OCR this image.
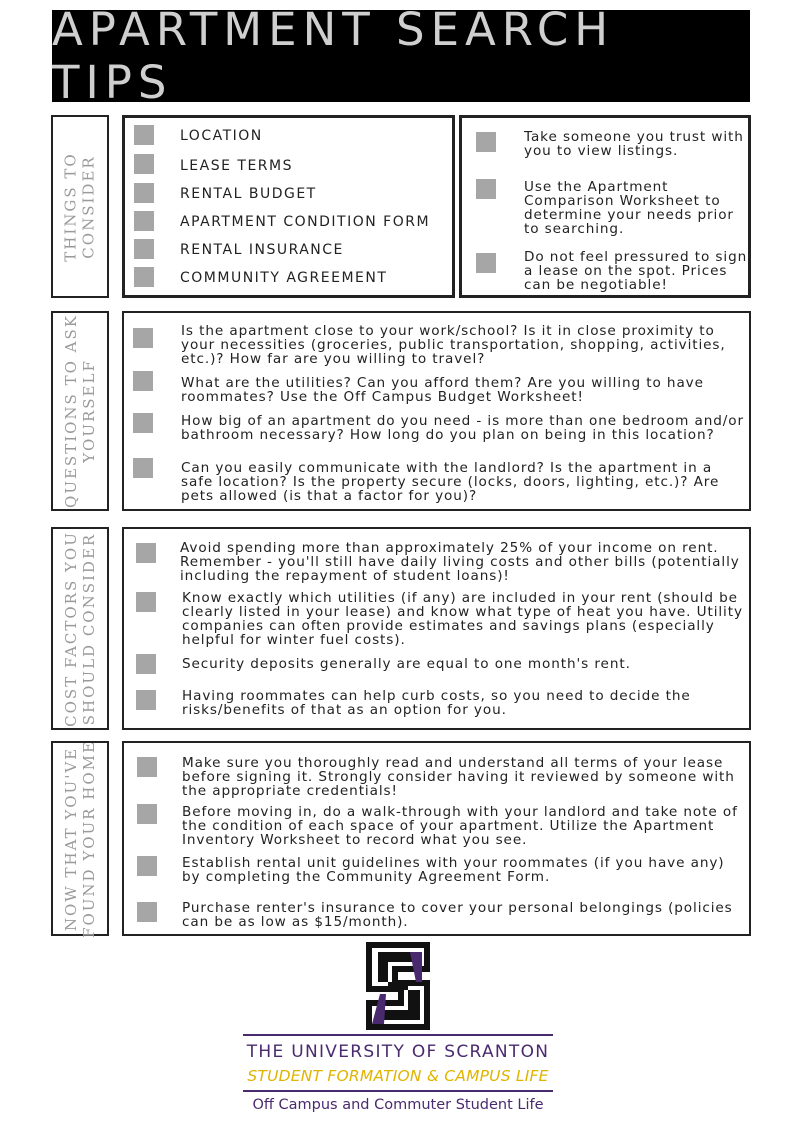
APARTMENT SEARCH TIPS
THINGS TO CONSIDER
LOCATION
LEASE TERMS
RENTAL BUDGET
APARTMENT CONDITION FORM
RENTAL INSURANCE
COMMUNITY AGREEMENT
Take someone you trust with you to view listings.
Use the Apartment Comparison Worksheet to determine your needs prior to searching.
Do not feel pressured to sign a lease on the spot. Prices can be negotiable!
QUESTIONS TO ASK YOURSELF
Is the apartment close to your work/school? Is it in close proximity to your necessities (groceries, public transportation, shopping, activities, etc.)? How far are you willing to travel?
What are the utilities? Can you afford them? Are you willing to have roommates? Use the Off Campus Budget Worksheet!
How big of an apartment do you need - is more than one bedroom and/or bathroom necessary? How long do you plan on being in this location?
Can you easily communicate with the landlord? Is the apartment in a safe location? Is the property secure (locks, doors, lighting, etc.)? Are pets allowed (is that a factor for you)?
COST FACTORS YOU SHOULD CONSIDER	Avoid spending more than approximately 25% of your income on rent. Remember - you'll still have daily living costs and other bills (potentially including the repayment of student loans)!
Know exactly which utilities (if any) are included in your rent (should be clearly listed in your lease) and know what type of heat you have. Utility companies can often provide estimates and savings plans (especially helpful for winter fuel costs).
Security deposits generally are equal to one month's rent.
Having roommates can help curb costs, so you need to decide the risks/benefits of that as an option for you.
NOW THAT YOU'VE FOUND YOUR HOME	Make sure you thoroughly read and understand all terms of your lease before signing it. Strongly consider having it reviewed by someone with the appropriate credentials!
Before moving in, do a walk-through with your landlord and take note of the condition of each space of your apartment. Utilize the Apartment Inventory Worksheet to record what you see.
Establish rental unit guidelines with your roommates (if you have any) by completing the Community Agreement Form.
Purchase renter's insurance to cover your personal belongings (policies can be as low as $15/month).
THE UNIVERSITY OF SCRANTON
STUDENT FORMATION & CAMPUS LIFE
Off Campus and Commuter Student Life
